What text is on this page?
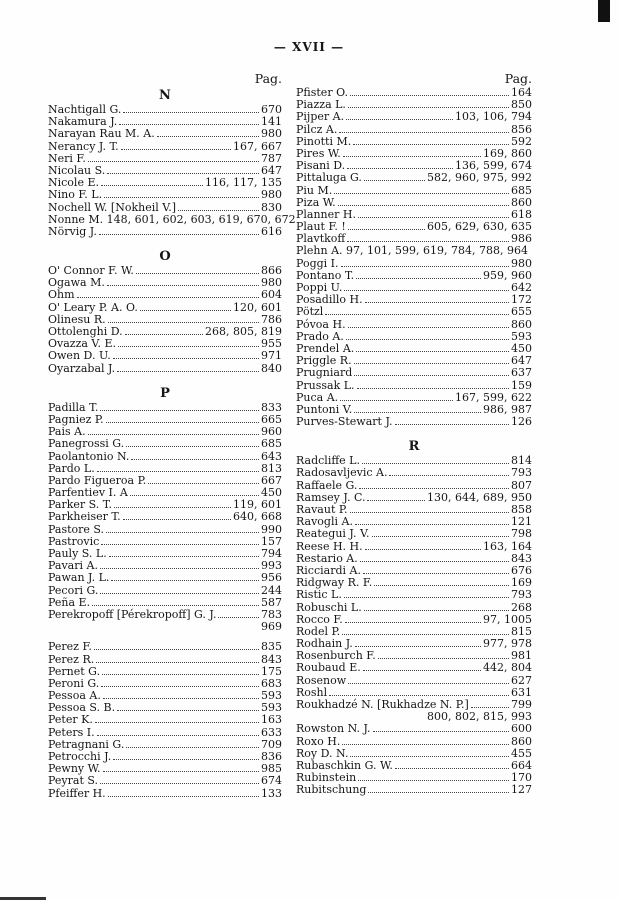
— XVII —
Pag.
N
Nachtigall G.	670
Nakamura J.	141
Narayan Rau M. A.	980
Nerancy J. T.	167, 667
Neri F.	787
Nicolau S.	647
Nicole E.	116, 117, 135
Nino F. L.	980
Nochell W. [Nokheil V.]	830
Nonne M. 148, 601, 602, 603, 619, 670, 672
Nörvig J.	616
O
O' Connor F. W.	866
Ogawa M.	980
Ohm	604
O' Leary P. A. O.	120, 601
Olinesu R.	786
Ottolenghi D.	268, 805, 819
Ovazza V. E.	955
Owen D. U.	971
Oyarzabal J.	840
P
Padilla T.	833
Pagniez P.	665
Pais A.	960
Panegrossi G.	685
Paolantonio N.	643
Pardo L.	813
Pardo Figueroa P.	667
Parfentiev I. A	450
Parker S. T.	119, 601
Parkheiser T.	640, 668
Pastore S.	990
Pastrovic	157
Pauly S. L.	794
Pavari A.	993
Pawan J. L.	956
Pecori G.	244
Peña E.	587
Perekropoff [Pérekropoff] G. J.	783
969
Perez F.	835
Perez R.	843
Pernet G.	175
Peroni G.	683
Pessoa A.	593
Pessoa S. B.	593
Peter K.	163
Peters I.	633
Petragnani G.	709
Petrocchi J.	836
Pewny W.	985
Peyrat S.	674
Pfeiffer H.	133
Pag.
Pfister O.	164
Piazza L.	850
Pijper A.	103, 106, 794
Pilcz A.	856
Pinotti M.	592
Pires W.	169, 860
Pisani D.	136, 599, 674
Pittaluga G.	582, 960, 975, 992
Piu M.	685
Piza W.	860
Planner H.	618
Plaut F. !	605, 629, 630, 635
Plavtkoff	986
Plehn A. 97, 101, 599, 619, 784, 788, 964
Poggi I.	980
Pontano T.	959, 960
Poppi U.	642
Posadillo H.	172
Pötzl	655
Póvoa H.	860
Prado A.	593
Prendel A.	450
Priggle R.	647
Prugniard	637
Prussak L.	159
Puca A.	167, 599, 622
Puntoni V.	986, 987
Purves-Stewart J.	126
R
Radcliffe L.	814
Radosavljevic A.	793
Raffaele G.	807
Ramsey J. C.	130, 644, 689, 950
Ravaut P.	858
Ravogli A.	121
Reategui J. V.	798
Reese H. H.	163, 164
Restario A.	843
Ricciardi A.	676
Ridgway R. F.	169
Ristic L.	793
Robuschi L.	268
Rocco F.	97, 1005
Rodel P.	815
Rodhain J.	977, 978
Rosenburch F.	981
Roubaud E.	442, 804
Rosenow	627
Roshl	631
Roukhadzé N. [Rukhadze N. P.]	799
800, 802, 815, 993
Rowston N. J.	600
Roxo H.	860
Roy D. N.	455
Rubaschkin G. W.	664
Rubinstein	170
Rubitschung	127
